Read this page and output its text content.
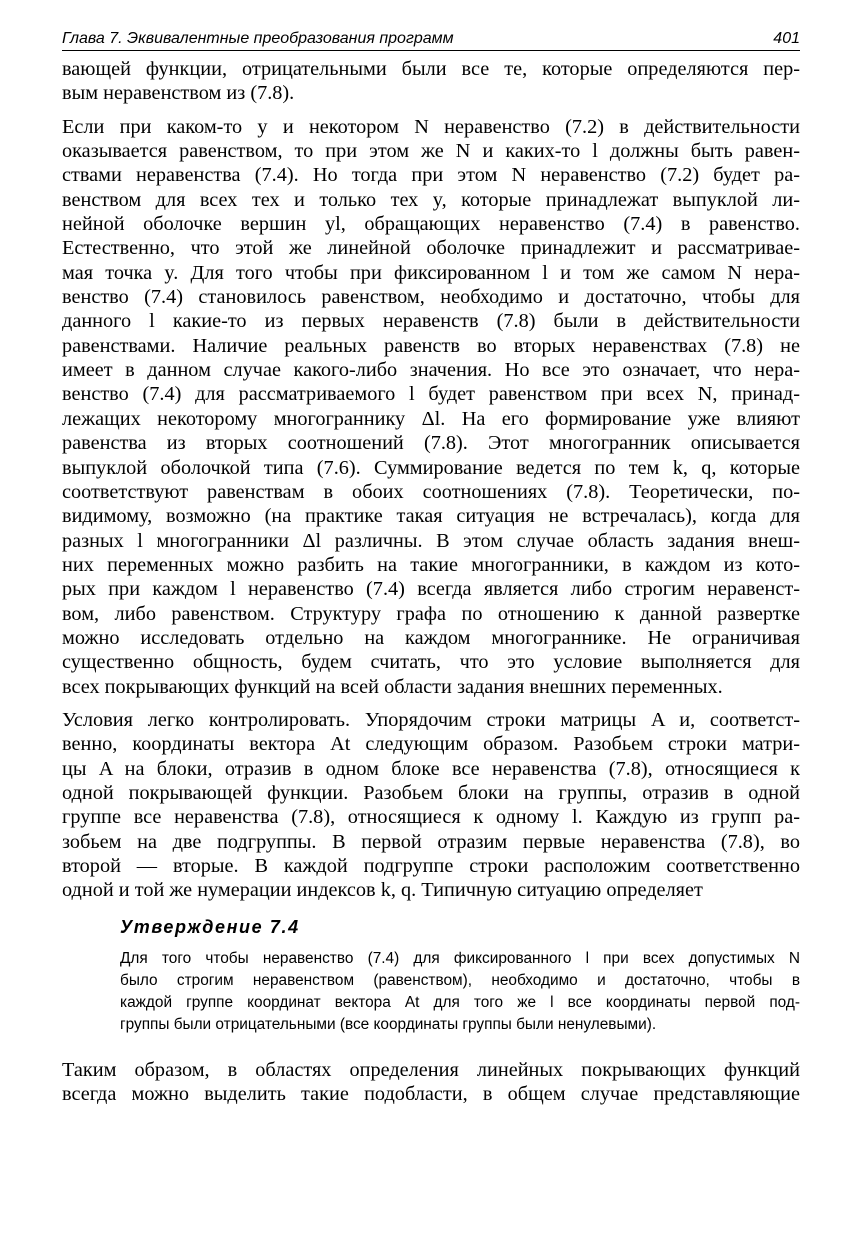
Глава 7. Эквивалентные преобразования программ	401
вающей функции, отрицательными были все те, которые определяются пер-
вым неравенством из (7.8).
Если при каком-то y и некотором N неравенство (7.2) в действительности
оказывается равенством, то при этом же N и каких-то l должны быть равен-
ствами неравенства (7.4). Но тогда при этом N неравенство (7.2) будет ра-
венством для всех тех и только тех y, которые принадлежат выпуклой ли-
нейной оболочке вершин yl, обращающих неравенство (7.4) в равенство.
Естественно, что этой же линейной оболочке принадлежит и рассматривае-
мая точка y. Для того чтобы при фиксированном l и том же самом N нера-
венство (7.4) становилось равенством, необходимо и достаточно, чтобы для
данного l какие-то из первых неравенств (7.8) были в действительности
равенствами. Наличие реальных равенств во вторых неравенствах (7.8) не
имеет в данном случае какого-либо значения. Но все это означает, что нера-
венство (7.4) для рассматриваемого l будет равенством при всех N, принад-
лежащих некоторому многограннику Δl. На его формирование уже влияют
равенства из вторых соотношений (7.8). Этот многогранник описывается
выпуклой оболочкой типа (7.6). Суммирование ведется по тем k, q, которые
соответствуют равенствам в обоих соотношениях (7.8). Теоретически, по-
видимому, возможно (на практике такая ситуация не встречалась), когда для
разных l многогранники Δl различны. В этом случае область задания внеш-
них переменных можно разбить на такие многогранники, в каждом из кото-
рых при каждом l неравенство (7.4) всегда является либо строгим неравенст-
вом, либо равенством. Структуру графа по отношению к данной развертке
можно исследовать отдельно на каждом многограннике. Не ограничивая
существенно общность, будем считать, что это условие выполняется для
всех покрывающих функций на всей области задания внешних переменных.
Условия легко контролировать. Упорядочим строки матрицы A и, соответст-
венно, координаты вектора At следующим образом. Разобьем строки матри-
цы A на блоки, отразив в одном блоке все неравенства (7.8), относящиеся к
одной покрывающей функции. Разобьем блоки на группы, отразив в одной
группе все неравенства (7.8), относящиеся к одному l. Каждую из групп ра-
зобьем на две подгруппы. В первой отразим первые неравенства (7.8), во
второй — вторые. В каждой подгруппе строки расположим соответственно
одной и той же нумерации индексов k, q. Типичную ситуацию определяет
Утверждение 7.4
Для того чтобы неравенство (7.4) для фиксированного l при всех допустимых N
было строгим неравенством (равенством), необходимо и достаточно, чтобы в
каждой группе координат вектора At для того же l все координаты первой под-
группы были отрицательными (все координаты группы были ненулевыми).
Таким образом, в областях определения линейных покрывающих функций
всегда можно выделить такие подобласти, в общем случае представляющие
